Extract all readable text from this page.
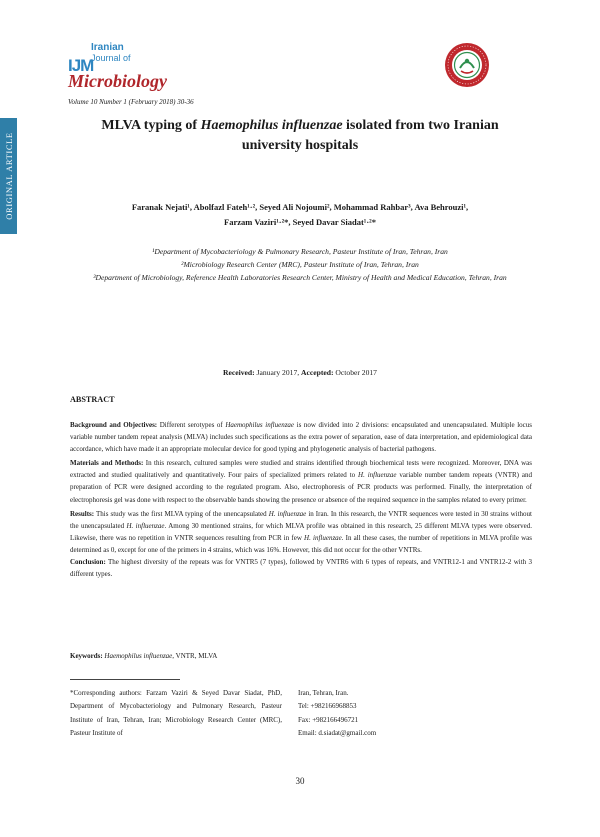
ORIGINAL ARTICLE
IJM
Iranian
Journal of
Microbiology
Volume 10 Number 1 (February 2018) 30-36
MLVA typing of Haemophilus influenzae isolated from two Iranian university hospitals
Faranak Nejati¹, Abolfazl Fateh¹·², Seyed Ali Nojoumi², Mohammad Rahbar³, Ava Behrouzi¹,
Farzam Vaziri¹·²*, Seyed Davar Siadat¹·²*
¹Department of Mycobacteriology & Pulmonary Research, Pasteur Institute of Iran, Tehran, Iran
²Microbiology Research Center (MRC), Pasteur Institute of Iran, Tehran, Iran
³Department of Microbiology, Reference Health Laboratories Research Center, Ministry of Health and Medical Education, Tehran, Iran
Received: January 2017, Accepted: October 2017
ABSTRACT

Background and Objectives: Different serotypes of Haemophilus influenzae is now divided into 2 divisions: encapsulated and unencapsulated. Multiple locus variable number tandem repeat analysis (MLVA) includes such specifications as the extra power of separation, ease of data interpretation, and epidemiological data accordance, which have made it an appropriate molecular device for good typing and phylogenetic analysis of bacterial pathogens.

Materials and Methods: In this research, cultured samples were studied and strains identified through biochemical tests were recognized. Moreover, DNA was extracted and studied qualitatively and quantitatively. Four pairs of specialized primers related to H. influenzae variable number tandem repeats (VNTR) and preparation of PCR were designed according to the regulated program. Also, electrophoresis of PCR products was performed. Finally, the interpretation of electrophoresis gel was done with respect to the observable bands showing the presence or absence of the required sequence in the samples related to every primer.

Results: This study was the first MLVA typing of the unencapsulated H. influenzae in Iran. In this research, the VNTR sequences were tested in 30 strains without the unencapsulated H. influenzae. Among 30 mentioned strains, for which MLVA profile was obtained in this research, 25 different MLVA types were observed. Likewise, there was no repetition in VNTR sequences resulting from PCR in few H. influenzae. In all these cases, the number of repetitions in MLVA profile was determined as 0, except for one of the primers in 4 strains, which was 16%. However, this did not occur for the other VNTRs.

Conclusion: The highest diversity of the repeats was for VNTR5 (7 types), followed by VNTR6 with 6 types of repeats, and VNTR12-1 and VNTR12-2 with 3 different types.

Keywords: Haemophilus influenzae, VNTR, MLVA
*Corresponding authors: Farzam Vaziri & Seyed Davar Siadat, PhD, Department of Mycobacteriology and Pulmonary Research, Pasteur Institute of Iran, Tehran, Iran; Microbiology Research Center (MRC), Pasteur Institute of
Iran, Tehran, Iran.
Tel: +982166968853
Fax: +982166496721
Email: d.siadat@gmail.com
30
